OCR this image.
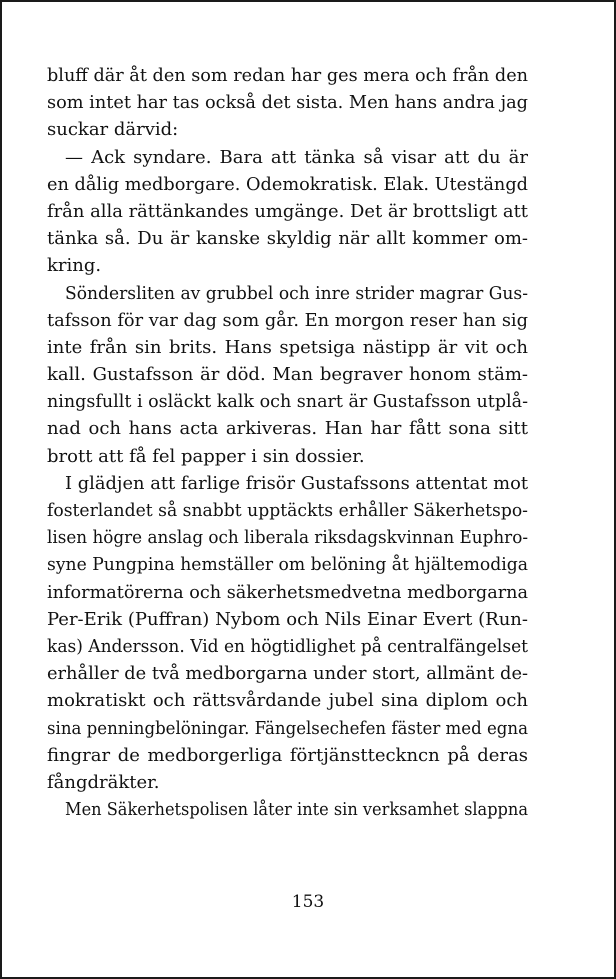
bluff där åt den som redan har ges mera och från den
som intet har tas också det sista. Men hans andra jag
suckar därvid:
— Ack syndare. Bara att tänka så visar att du är
en dålig medborgare. Odemokratisk. Elak. Utestängd
från alla rättänkandes umgänge. Det är brottsligt att
tänka så. Du är kanske skyldig när allt kommer om-
kring.
Söndersliten av grubbel och inre strider magrar Gus-
tafsson för var dag som går. En morgon reser han sig
inte från sin brits. Hans spetsiga nästipp är vit och
kall. Gustafsson är död. Man begraver honom stäm-
ningsfullt i osläckt kalk och snart är Gustafsson utplå-
nad och hans acta arkiveras. Han har fått sona sitt
brott att få fel papper i sin dossier.
I glädjen att farlige frisör Gustafssons attentat mot
fosterlandet så snabbt upptäckts erhåller Säkerhetspo-
lisen högre anslag och liberala riksdagskvinnan Euphro-
syne Pungpina hemställer om belöning åt hjältemodiga
informatörerna och säkerhetsmedvetna medborgarna
Per-Erik (Puffran) Nybom och Nils Einar Evert (Run-
kas) Andersson. Vid en högtidlighet på centralfängelset
erhåller de två medborgarna under stort, allmänt de-
mokratiskt och rättsvårdande jubel sina diplom och
sina penningbelöningar. Fängelsechefen fäster med egna
fingrar de medborgerliga förtjänstteckncn på deras
fångdräkter.
Men Säkerhetspolisen låter inte sin verksamhet slappna
153
